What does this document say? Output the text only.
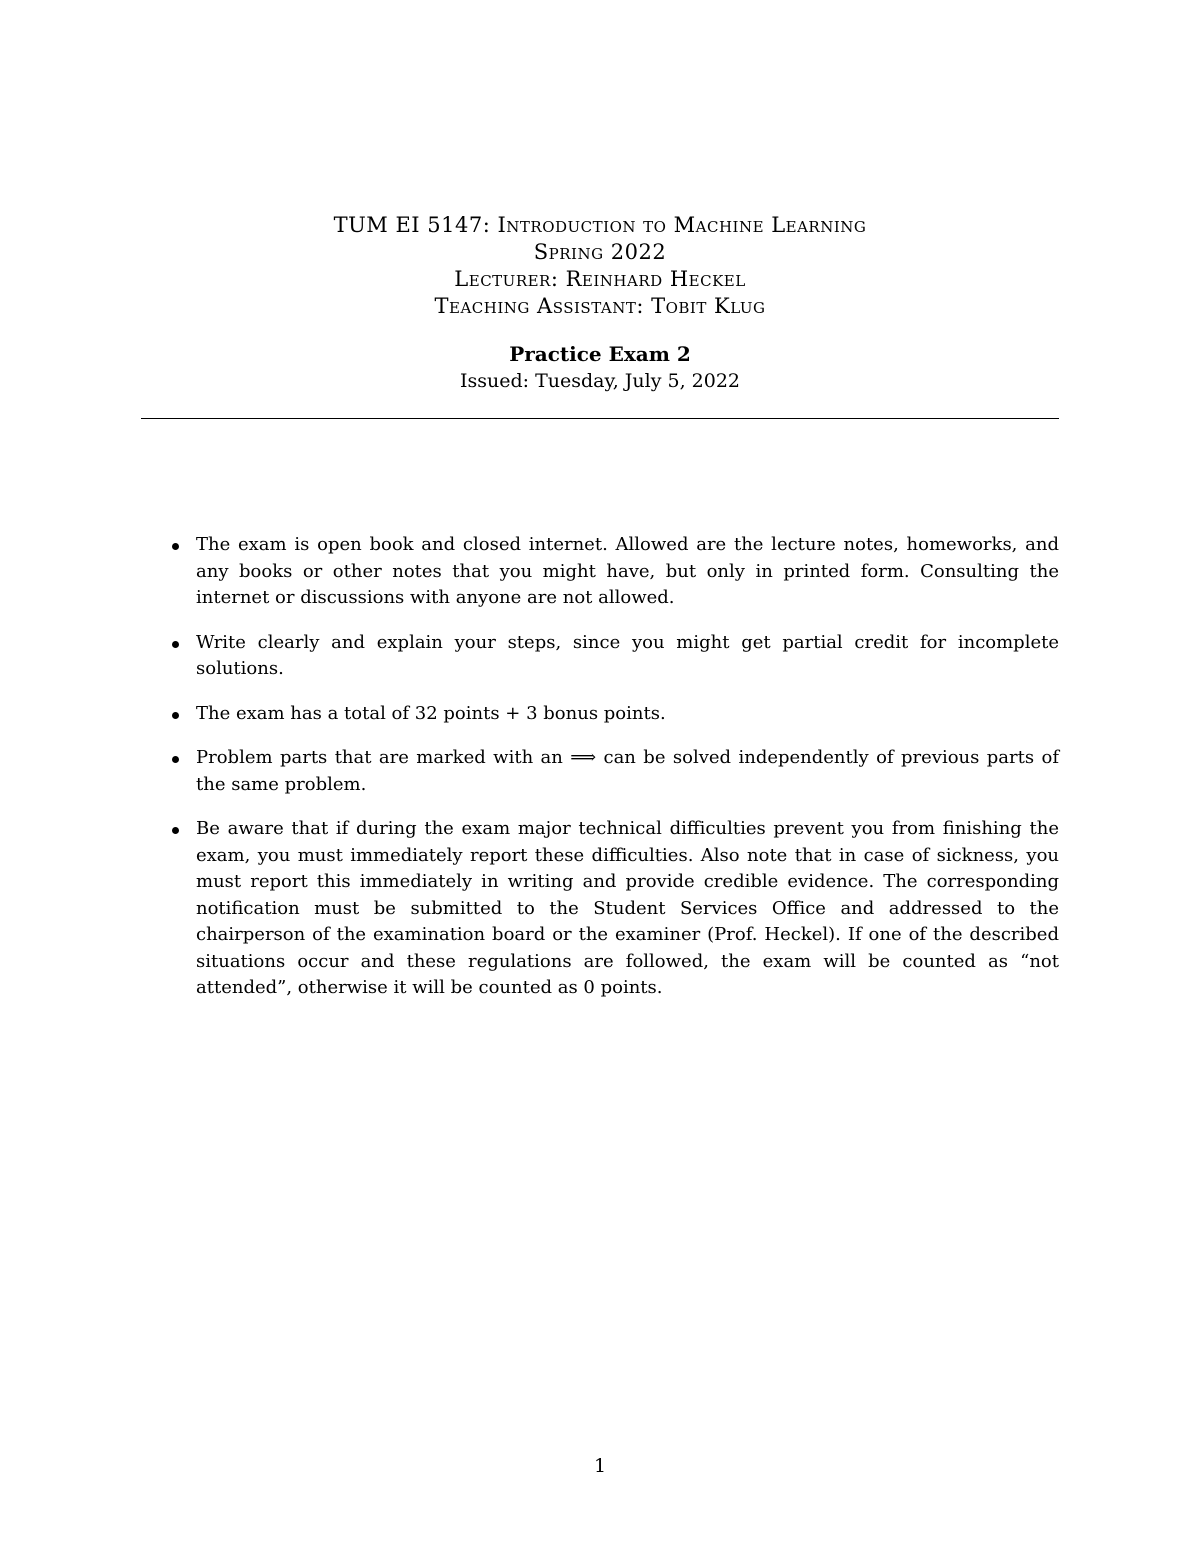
TUM EI 5147: Introduction to Machine Learning
Spring 2022
Lecturer: Reinhard Heckel
Teaching Assistant: Tobit Klug
Practice Exam 2
Issued: Tuesday, July 5, 2022
The exam is open book and closed internet. Allowed are the lecture notes, homeworks, and any books or other notes that you might have, but only in printed form. Consulting the internet or discussions with anyone are not allowed.
Write clearly and explain your steps, since you might get partial credit for incomplete solutions.
The exam has a total of 32 points + 3 bonus points.
Problem parts that are marked with an ⟹ can be solved independently of previous parts of the same problem.
Be aware that if during the exam major technical difficulties prevent you from finishing the exam, you must immediately report these difficulties. Also note that in case of sickness, you must report this immediately in writing and provide credible evidence. The corresponding notification must be submitted to the Student Services Office and addressed to the chairperson of the examination board or the examiner (Prof. Heckel). If one of the described situations occur and these regulations are followed, the exam will be counted as “not attended”, otherwise it will be counted as 0 points.
1
